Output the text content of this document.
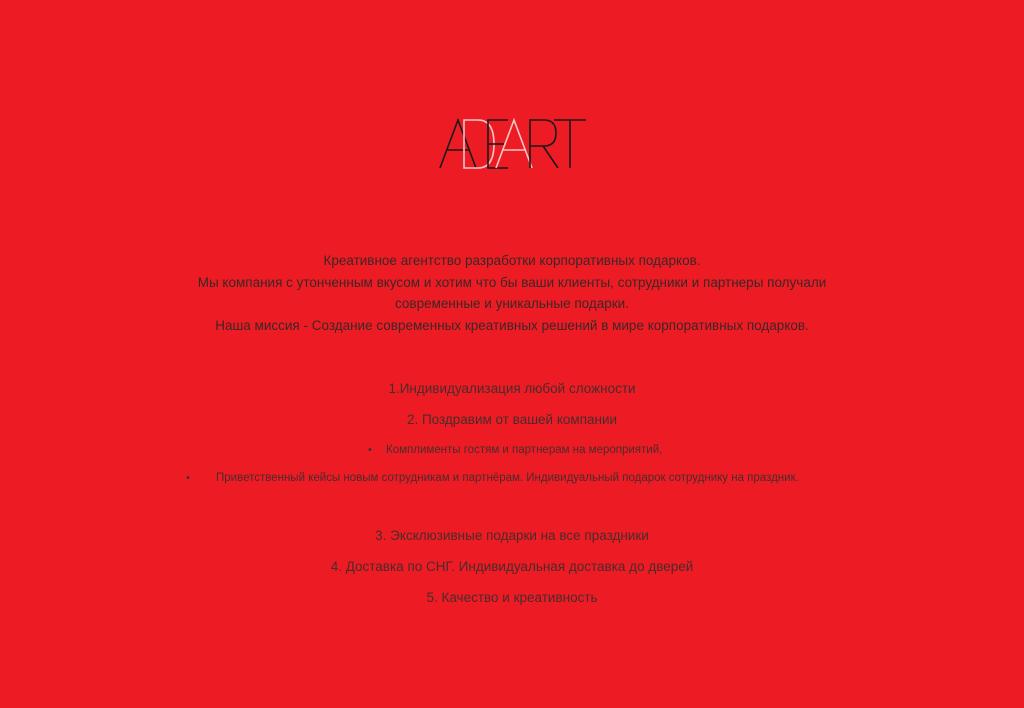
Креативное агентство разработки корпоративных подарков.

Мы компания с утонченным вкусом и хотим что бы ваши клиенты, сотрудники и партнеры получали

современные и уникальные подарки.

Наша миссия - Создание современных креативных решений в мире корпоративных подарков.

1.Индивидуализация любой сложности
2. Поздравим от вашей компании
• Комплименты гостям и партнерам на мероприятий,
• Приветственный кейсы новым сотрудникам и партнёрам. Индивидуальный подарок сотруднику на праздник.
3. Эксклюзивные подарки на все праздники
4. Доставка по СНГ. Индивидуальная доставка до дверей
5. Качество и креативность
